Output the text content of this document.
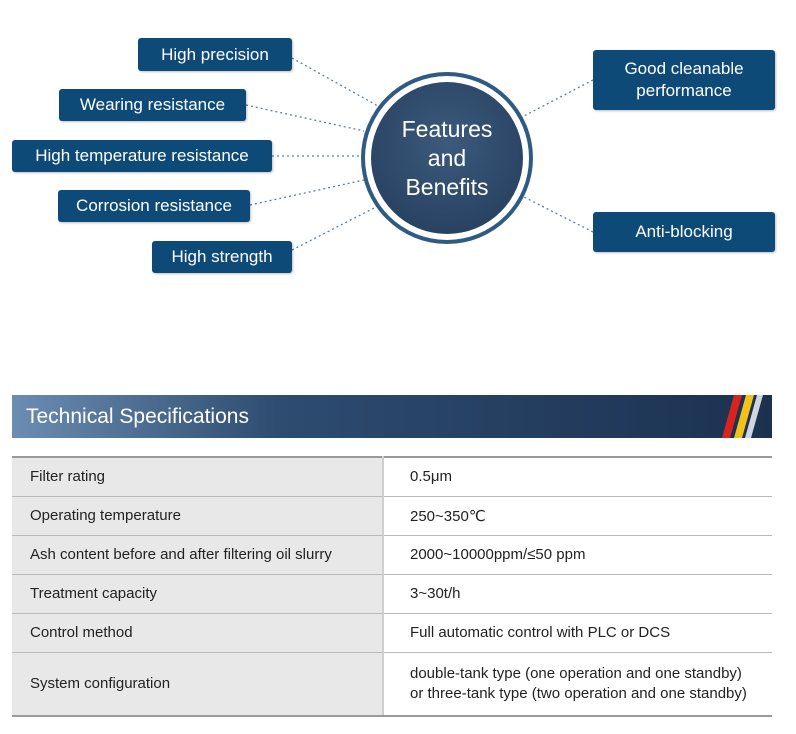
High precision
Wearing resistance
High temperature resistance
Corrosion resistance
High strength
Good cleanable performance
Anti-blocking
Features
and
Benefits
Technical Specifications
Filter rating	0.5μm
Operating temperature	250~350℃
Ash content before and after filtering oil slurry	2000~10000ppm/≤50 ppm
Treatment capacity	3~30t/h
Control method	Full automatic control with PLC or DCS
System configuration	double-tank type (one operation and one standby)
or three-tank type (two operation and one standby)
